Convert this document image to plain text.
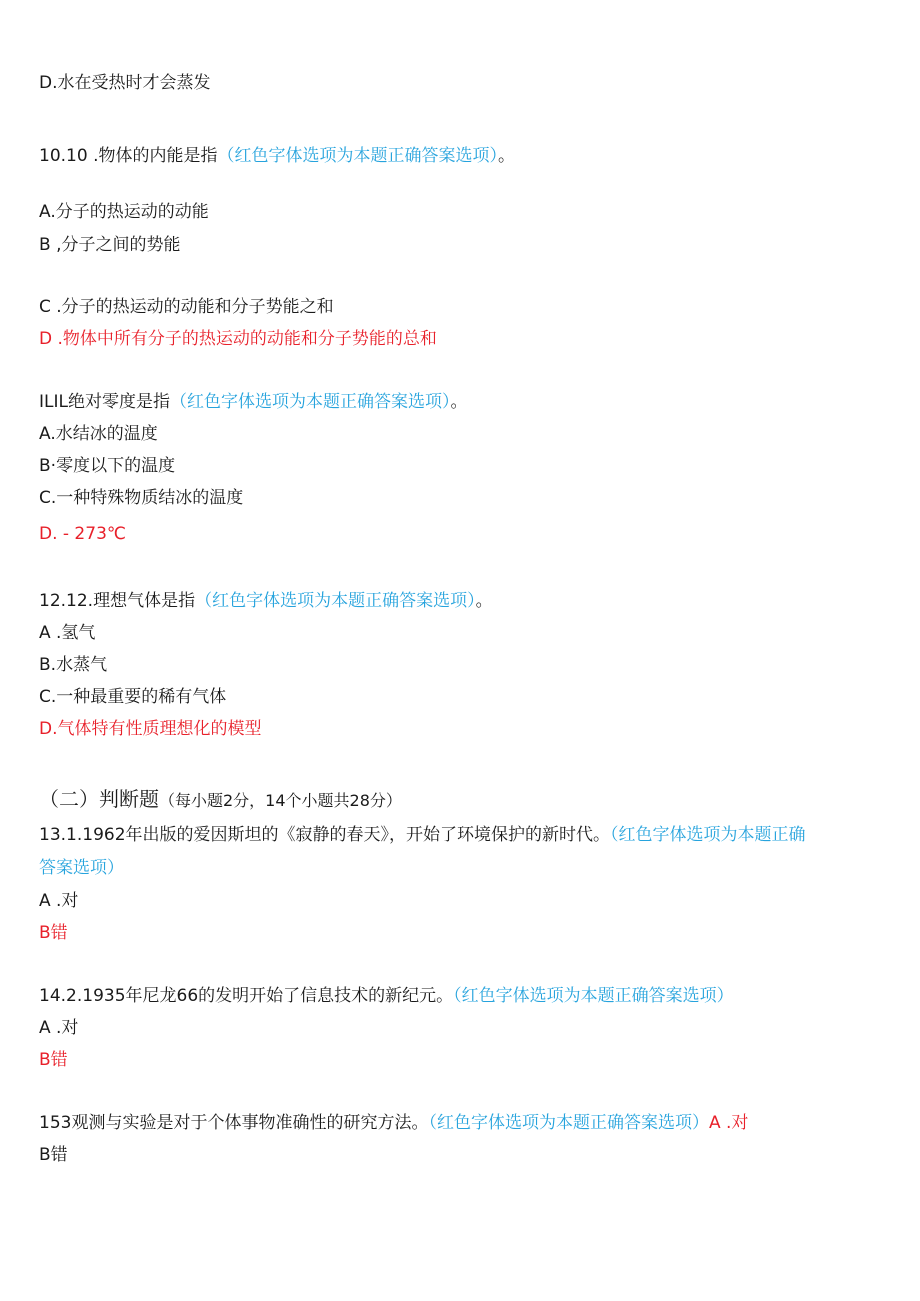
D.水在受热时才会蒸发
10.10 .物体的内能是指（红色字体选项为本题正确答案选项）。
A.分子的热运动的动能
B ,分子之间的势能
C .分子的热运动的动能和分子势能之和
D .物体中所有分子的热运动的动能和分子势能的总和
ILIL绝对零度是指（红色字体选项为本题正确答案选项）。
A.水结冰的温度
B·零度以下的温度
C.一种特殊物质结冰的温度
D. - 273℃
12.12.理想气体是指（红色字体选项为本题正确答案选项）。
A .氢气
B.水蒸气
C.一种最重要的稀有气体
D.气体特有性质理想化的模型
（二）判断题（每小题2分，14个小题共28分）
13.1.1962年出版的爱因斯坦的《寂静的春天》，开始了环境保护的新时代。（红色字体选项为本题正确
答案选项）
A .对
B错
14.2.1935年尼龙66的发明开始了信息技术的新纪元。（红色字体选项为本题正确答案选项）
A .对
B错
153观测与实验是对于个体事物准确性的研究方法。（红色字体选项为本题正确答案选项）A .对
B错
